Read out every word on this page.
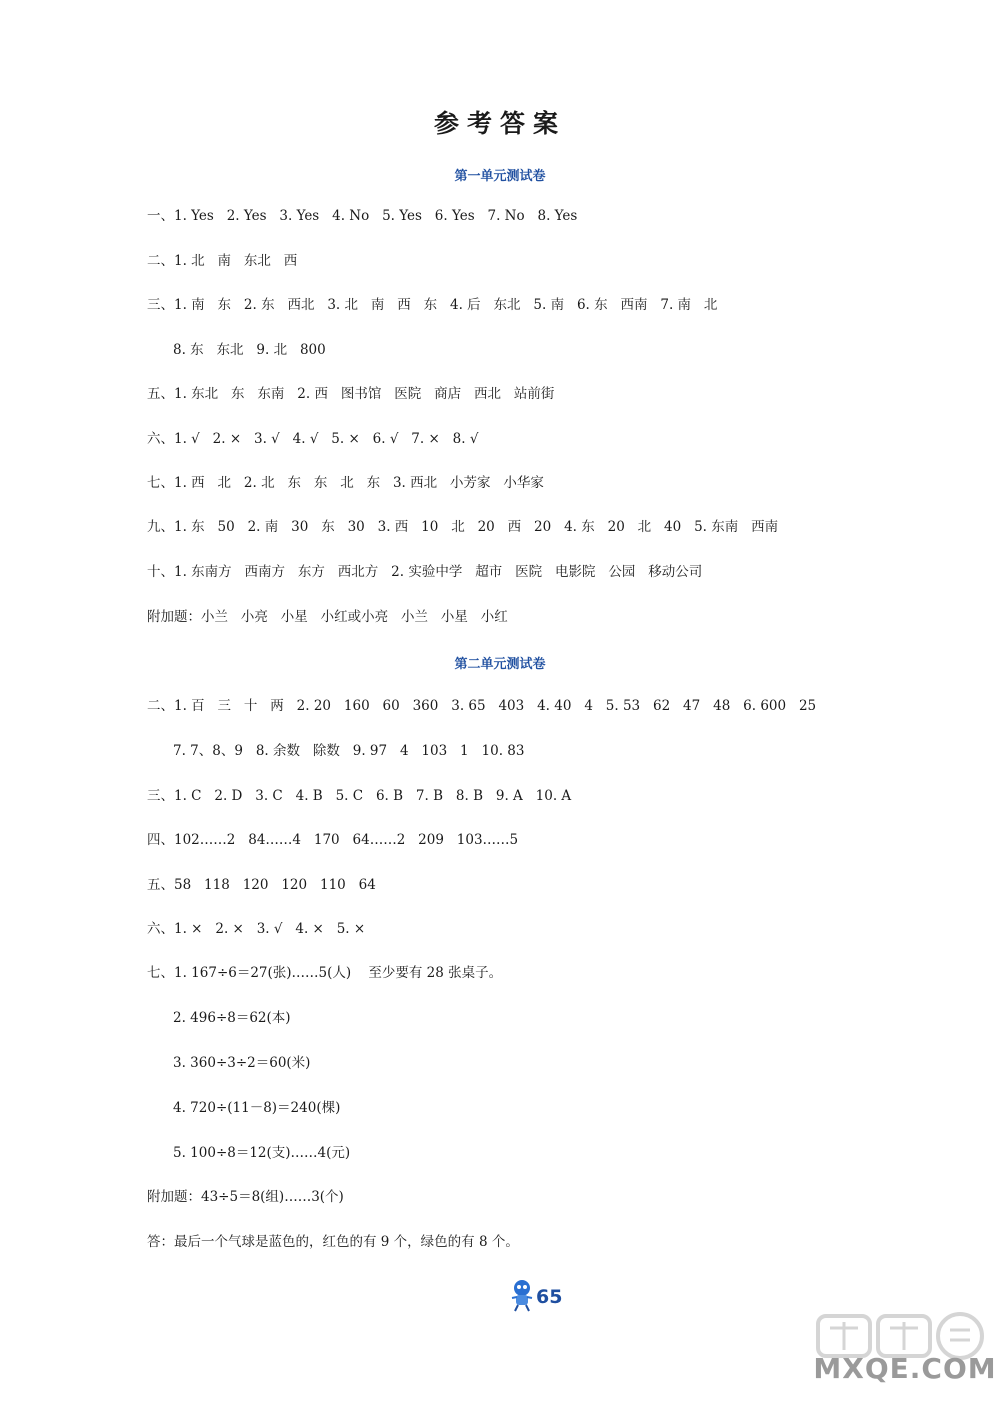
参考答案
第一单元测试卷
一、1. Yes   2. Yes   3. Yes   4. No   5. Yes   6. Yes   7. No   8. Yes
二、1. 北   南   东北   西
三、1. 南   东   2. 东   西北   3. 北   南   西   东   4. 后   东北   5. 南   6. 东   西南   7. 南   北
8. 东   东北   9. 北   800
五、1. 东北   东   东南   2. 西   图书馆   医院   商店   西北   站前街
六、1. √   2. ×   3. √   4. √   5. ×   6. √   7. ×   8. √
七、1. 西   北   2. 北   东   东   北   东   3. 西北   小芳家   小华家
九、1. 东   50   2. 南   30   东   30   3. 西   10   北   20   西   20   4. 东   20   北   40   5. 东南   西南
十、1. 东南方   西南方   东方   西北方   2. 实验中学   超市   医院   电影院   公园   移动公司
附加题：小兰   小亮   小星   小红或小亮   小兰   小星   小红
第二单元测试卷
二、1. 百   三   十   两   2. 20   160   60   360   3. 65   403   4. 40   4   5. 53   62   47   48   6. 600   25
7. 7、8、9   8. 余数   除数   9. 97   4   103   1   10. 83
三、1. C   2. D   3. C   4. B   5. C   6. B   7. B   8. B   9. A   10. A
四、102……2   84……4   170   64……2   209   103……5
五、58   118   120   120   110   64
六、1. ×   2. ×   3. √   4. ×   5. ×
七、1. 167÷6＝27(张)……5(人)    至少要有 28 张桌子。
2. 496÷8＝62(本)
3. 360÷3÷2＝60(米)
4. 720÷(11－8)＝240(棵)
5. 100÷8＝12(支)……4(元)
附加题：43÷5＝8(组)……3(个)
答：最后一个气球是蓝色的，红色的有 9 个，绿色的有 8 个。
65
MXQE.COM
